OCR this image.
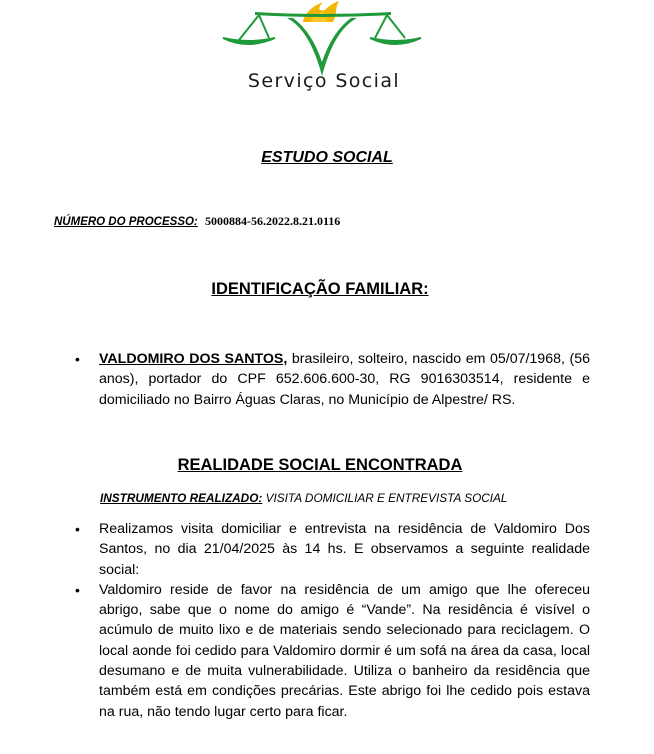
Serviço Social
ESTUDO SOCIAL
NÚMERO DO PROCESSO: 5000884-56.2022.8.21.0116
IDENTIFICAÇÃO FAMILIAR:
• VALDOMIRO DOS SANTOS, brasileiro, solteiro, nascido em 05/07/1968, (56 anos), portador do CPF 652.606.600-30, RG 9016303514, residente e domiciliado no Bairro Águas Claras, no Município de Alpestre/ RS.
REALIDADE SOCIAL ENCONTRADA
INSTRUMENTO REALIZADO: VISITA DOMICILIAR E ENTREVISTA SOCIAL
• Realizamos visita domiciliar e entrevista na residência de Valdomiro Dos Santos, no dia 21/04/2025 às 14 hs. E observamos a seguinte realidade social:
• Valdomiro reside de favor na residência de um amigo que lhe ofereceu abrigo, sabe que o nome do amigo é “Vande”. Na residência é visível o acúmulo de muito lixo e de materiais sendo selecionado para reciclagem. O local aonde foi cedido para Valdomiro dormir é um sofá na área da casa, local desumano e de muita vulnerabilidade. Utiliza o banheiro da residência que também está em condições precárias. Este abrigo foi lhe cedido pois estava na rua, não tendo lugar certo para ficar.
